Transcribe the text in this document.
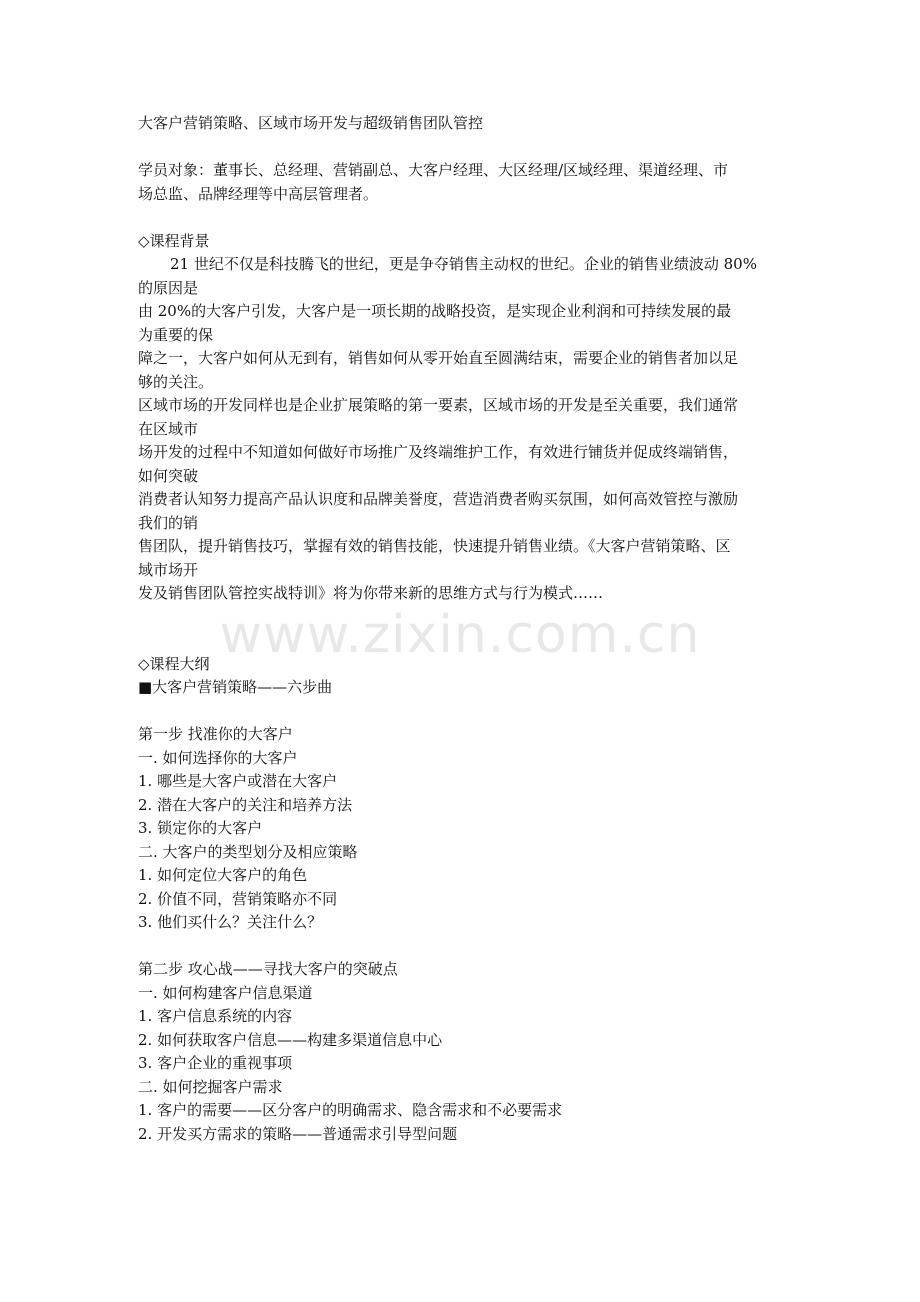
大客户营销策略、区域市场开发与超级销售团队管控
学员对象：董事长、总经理、营销副总、大客户经理、大区经理/区域经理、渠道经理、市
场总监、品牌经理等中高层管理者。
◇课程背景
21 世纪不仅是科技腾飞的世纪，更是争夺销售主动权的世纪。企业的销售业绩波动 80%
的原因是
由 20%的大客户引发，大客户是一项长期的战略投资，是实现企业利润和可持续发展的最
为重要的保
障之一，大客户如何从无到有，销售如何从零开始直至圆满结束，需要企业的销售者加以足
够的关注。
区域市场的开发同样也是企业扩展策略的第一要素，区域市场的开发是至关重要，我们通常
在区域市
场开发的过程中不知道如何做好市场推广及终端维护工作，有效进行铺货并促成终端销售，
如何突破
消费者认知努力提高产品认识度和品牌美誉度，营造消费者购买氛围，如何高效管控与激励
我们的销
售团队，提升销售技巧，掌握有效的销售技能，快速提升销售业绩。《大客户营销策略、区
域市场开
发及销售团队管控实战特训》将为你带来新的思维方式与行为模式……
◇课程大纲
■大客户营销策略——六步曲
第一步 找准你的大客户
一. 如何选择你的大客户
1. 哪些是大客户或潜在大客户
2. 潜在大客户的关注和培养方法
3. 锁定你的大客户
二. 大客户的类型划分及相应策略
1. 如何定位大客户的角色
2. 价值不同，营销策略亦不同
3. 他们买什么？关注什么？
第二步 攻心战——寻找大客户的突破点
一. 如何构建客户信息渠道
1. 客户信息系统的内容
2. 如何获取客户信息——构建多渠道信息中心
3. 客户企业的重视事项
二. 如何挖掘客户需求
1. 客户的需要——区分客户的明确需求、隐含需求和不必要需求
2. 开发买方需求的策略——普通需求引导型问题
www.zixin.com.cn
